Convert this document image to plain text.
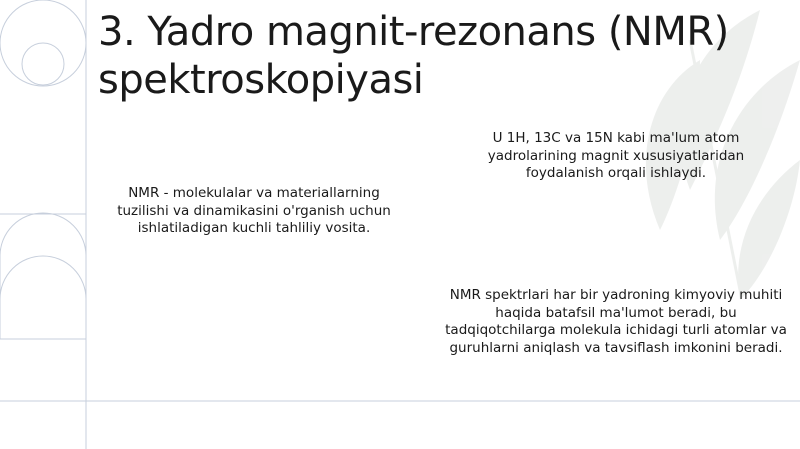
3. Yadro magnit-rezonans (NMR) spektroskopiyasi

NMR - molekulalar va materiallarning tuzilishi va dinamikasini o'rganish uchun ishlatiladigan kuchli tahliliy vosita.

U 1H, 13C va 15N kabi ma'lum atom yadrolarining magnit xususiyatlaridan foydalanish orqali ishlaydi.

NMR spektrlari har bir yadroning kimyoviy muhiti haqida batafsil ma'lumot beradi, bu tadqiqotchilarga molekula ichidagi turli atomlar va guruhlarni aniqlash va tavsiflash imkonini beradi.
